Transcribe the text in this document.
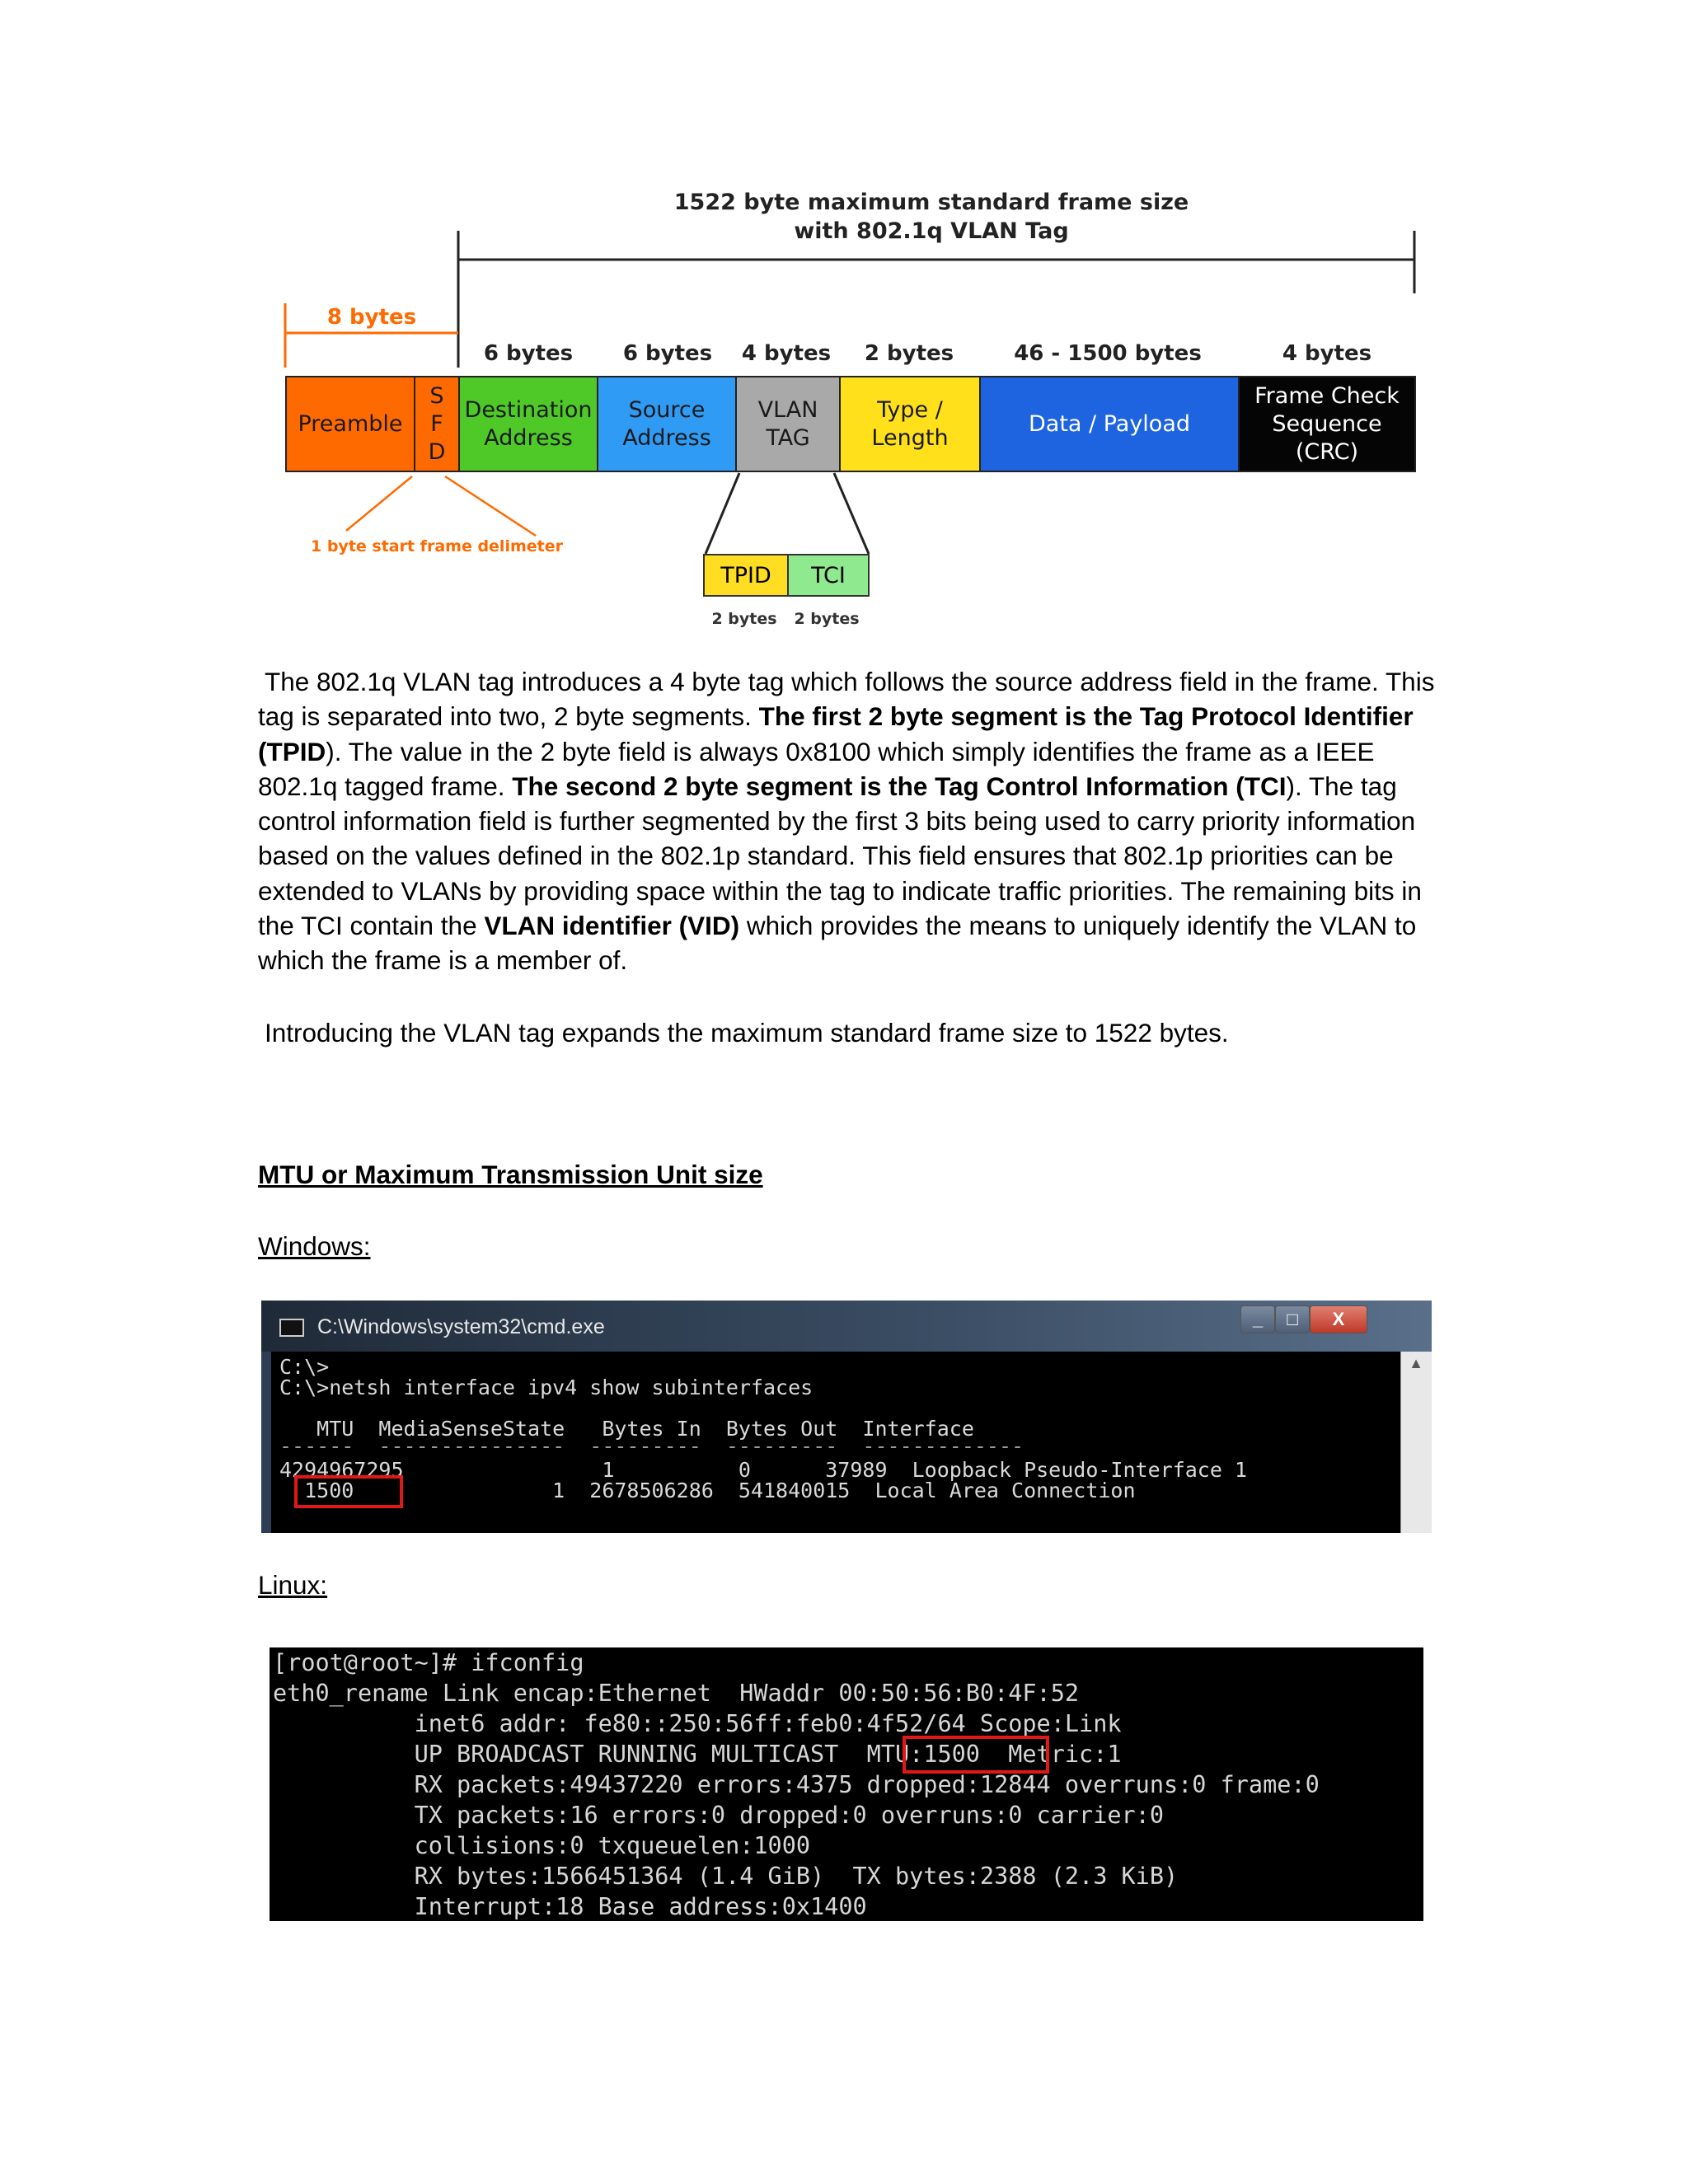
1522 byte maximum standard frame size
with 802.1q VLAN Tag
8 bytes
6 bytes	6 bytes	4 bytes	2 bytes	46 - 1500 bytes	4 bytes
Preamble
S
F
D
Destination
Address
Source
Address
VLAN
TAG
Type /
Length
Data / Payload
Frame Check
Sequence
(CRC)
1 byte start frame delimeter
TPID	TCI
2 bytes 2 bytes
The 802.1q VLAN tag introduces a 4 byte tag which follows the source address field in the frame. This tag is separated into two, 2 byte segments. The first 2 byte segment is the Tag Protocol Identifier (TPID). The value in the 2 byte field is always 0x8100 which simply identifies the frame as a IEEE 802.1q tagged frame. The second 2 byte segment is the Tag Control Information (TCI). The tag control information field is further segmented by the first 3 bits being used to carry priority information based on the values defined in the 802.1p standard. This field ensures that 802.1p priorities can be extended to VLANs by providing space within the tag to indicate traffic priorities. The remaining bits in the TCI contain the VLAN identifier (VID) which provides the means to uniquely identify the VLAN to which the frame is a member of.
Introducing the VLAN tag expands the maximum standard frame size to 1522 bytes.
MTU or Maximum Transmission Unit size
Windows:
C:\Windows\system32\cmd.exe	_	□	X

C:\>

C:\>netsh interface ipv4 show subinterfaces

MTU  MediaSenseState   Bytes In  Bytes Out  Interface

------  ---------------  ---------  ---------  -------------

4294967295                1          0      37989  Loopback Pseudo-Interface 1

1500                1  2678506286  541840015  Local Area Connection

▲
Linux:

[root@root~]# ifconfig

eth0_rename Link encap:Ethernet  HWaddr 00:50:56:B0:4F:52

inet6 addr: fe80::250:56ff:feb0:4f52/64 Scope:Link

UP BROADCAST RUNNING MULTICAST  MTU:1500  Metric:1

RX packets:49437220 errors:4375 dropped:12844 overruns:0 frame:0

TX packets:16 errors:0 dropped:0 overruns:0 carrier:0

collisions:0 txqueuelen:1000

RX bytes:1566451364 (1.4 GiB)  TX bytes:2388 (2.3 KiB)

Interrupt:18 Base address:0x1400
